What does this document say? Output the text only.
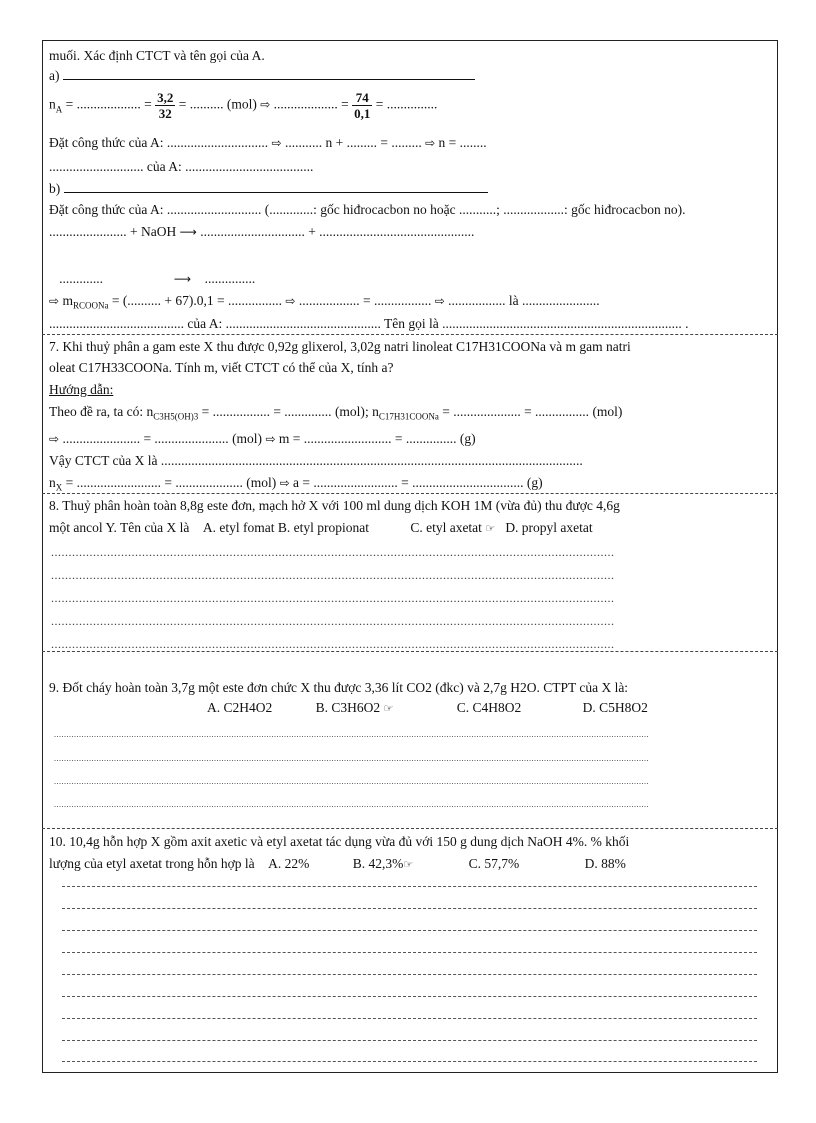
muối. Xác định CTCT và tên gọi của A.
a)
$n_A$ = ................... = $\frac{3,2}{32}$ = .......... (mol) ⇨ ................... = $\frac{74}{0,1}$ = ...............
Đặt công thức của A: .............................. ⇨ ........... n + ......... = ......... ⇨ n = ........
............................ của A: ......................................
b)
Đặt công thức của A: ............................ (.............: gốc hiđrocacbon no hoặc ...........; ..................: gốc hiđrocacbon no).
....................... + NaOH ⟶ ............................... + ..............................................
.............                     ⟶    ...............
⇨ $m_{RCOONa}$ = (.......... + 67).0,1 = ................ ⇨ .................. = ................. ⇨ ................. là .......................
........................................ của A: .............................................. Tên gọi là ....................................................................... .
7. Khi thuỷ phân a gam este X thu được 0,92g glixerol, 3,02g natri linoleat C17H31COONa và m gam natri
oleat C17H33COONa. Tính m, viết CTCT có thể của X, tính a?
Hướng dẫn:
Theo đề ra, ta có: $n_{C3H5(OH)3}$ = ................. = .............. (mol); $n_{C17H31COONa}$ = .................... = ................ (mol)
⇨ ....................... = ...................... (mol) ⇨ m = .......................... = ............... (g)
Vậy CTCT của X là .............................................................................................................................
$n_X$ = ......................... = .................... (mol) ⇨ a = ......................... = ................................. (g)
8. Thuỷ phân hoàn toàn 8,8g este đơn, mạch hở X với 100 ml dung dịch KOH 1M (vừa đủ) thu được 4,6g
một ancol Y. Tên của X là A. etyl fomat B. etyl propionat	C. etyl axetat ☞ D. propyl axetat
.................................................................................................................................................................
.................................................................................................................................................................
.................................................................................................................................................................
.................................................................................................................................................................
.................................................................................................................................................................
9. Đốt cháy hoàn toàn 3,7g một este đơn chức X thu được 3,36 lít CO2 (đkc) và 2,7g H2O. CTPT của X là:
A. C2H4O2	B. C3H6O2 ☞	C. C4H8O2	D. C5H8O2
..............................................................................................................................................................................................................................................
..............................................................................................................................................................................................................................................
..............................................................................................................................................................................................................................................
..............................................................................................................................................................................................................................................
10. 10,4g hỗn hợp X gồm axit axetic và etyl axetat tác dụng vừa đủ với 150 g dung dịch NaOH 4%. % khối
lượng của etyl axetat trong hỗn hợp là A. 22%	B. 42,3%☞	C. 57,7%	D. 88%
